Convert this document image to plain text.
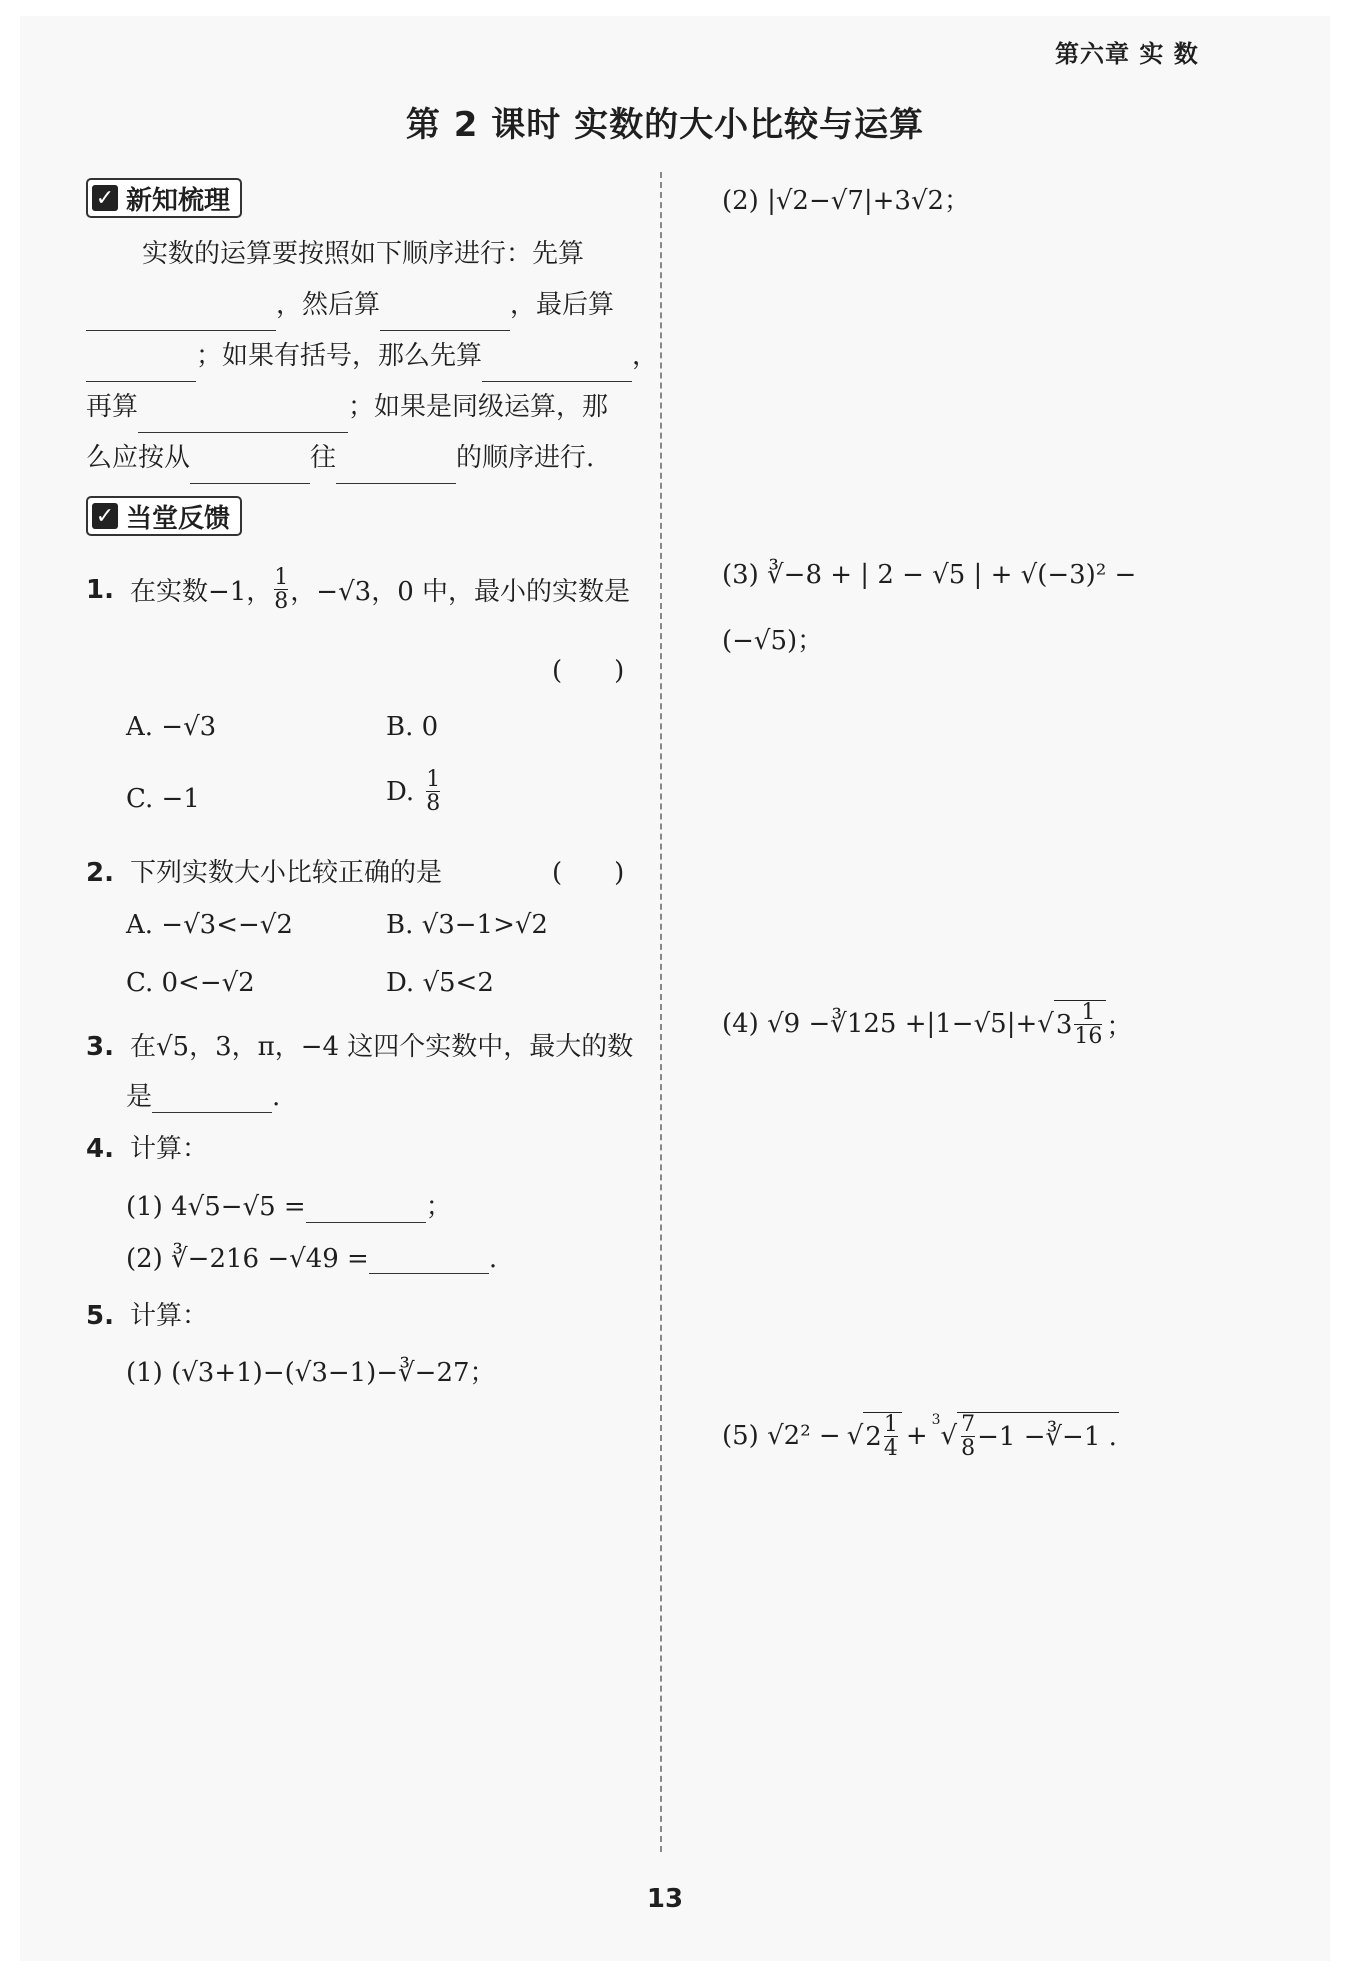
第六章 实 数
第 2 课时 实数的大小比较与运算
✓ 新知梳理
实数的运算要按照如下顺序进行：先算
，然后算	，最后算
；如果有括号，那么先算	，
再算	；如果是同级运算，那
么应按从	往	的顺序进行.
✓ 当堂反馈
1. 在实数−1， $\frac{1}{8}$ ，−√3，0 中，最小的实数是
(　　)
A. −√3	B. 0
C. −1	D. $\frac{1}{8}$
2. 下列实数大小比较正确的是	(　　)
A. −√3<−√2	B. √3−1>√2
C. 0<−√2	D. √5<2
3. 在√5，3，π，−4 这四个实数中，最大的数
是	.
4. 计算：
(1) 4√5−√5 =	；
(2) ∛−216 −√49 =	.
5. 计算：
(1) (√3+1)−(√3−1)−∛−27；
(2) |√2−√7|+3√2；
(3) ∛−8 + | 2 − √5 | + √(−3)² −
(−√5)；
(4) √9 −∛125 +|1−√5|+ √ $3 \frac{1}{16}$ ；
(5) √2² − √ $2 \frac{1}{4}$ +
$^3$
√ $\frac{7}{8} -1$ −∛−1 .
13
